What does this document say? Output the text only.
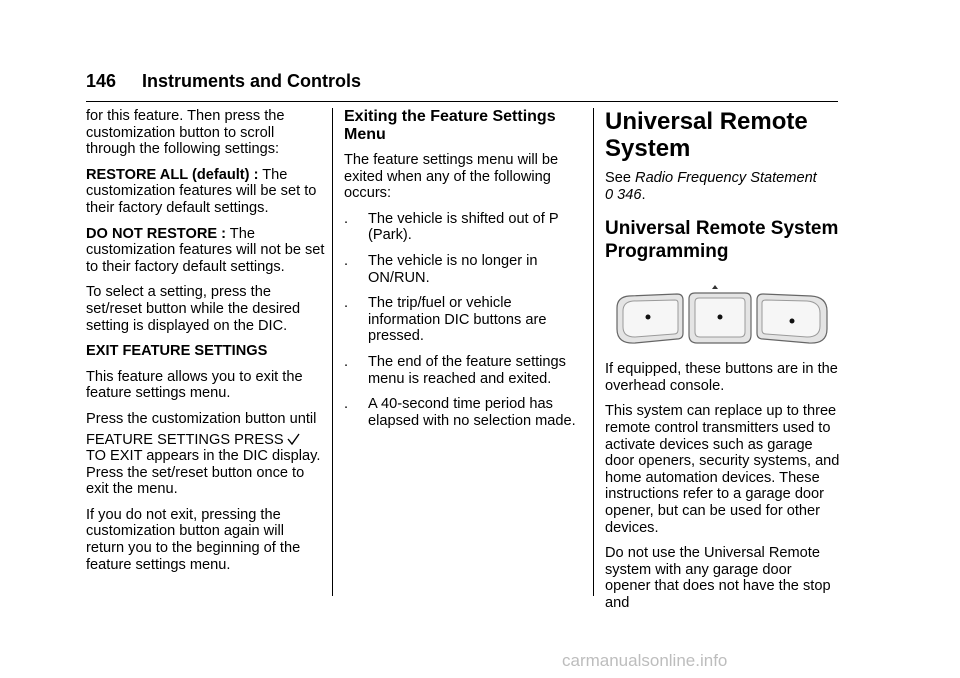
146 Instruments and Controls

for this feature. Then press the customization button to scroll through the following settings:

RESTORE ALL (default) : The customization features will be set to their factory default settings.

DO NOT RESTORE : The customization features will not be set to their factory default settings.

To select a setting, press the set/reset button while the desired setting is displayed on the DIC.

EXIT FEATURE SETTINGS

This feature allows you to exit the feature settings menu.

Press the customization button until

FEATURE SETTINGS PRESS

TO EXIT appears in the DIC display. Press the set/reset button once to exit the menu.

If you do not exit, pressing the customization button again will return you to the beginning of the feature settings menu.

Exiting the Feature Settings Menu

The feature settings menu will be exited when any of the following occurs:

.	The vehicle is shifted out of P (Park).
.	The vehicle is no longer in ON/RUN.
.	The trip/fuel or vehicle information DIC buttons are pressed.
.	The end of the feature settings menu is reached and exited.
.	A 40-second time period has elapsed with no selection made.
Universal Remote System

See Radio Frequency Statement
0 346.

Universal Remote System Programming

If equipped, these buttons are in the overhead console.

This system can replace up to three remote control transmitters used to activate devices such as garage door openers, security systems, and home automation devices. These instructions refer to a garage door opener, but can be used for other devices.

Do not use the Universal Remote system with any garage door opener that does not have the stop and

carmanualsonline.info
